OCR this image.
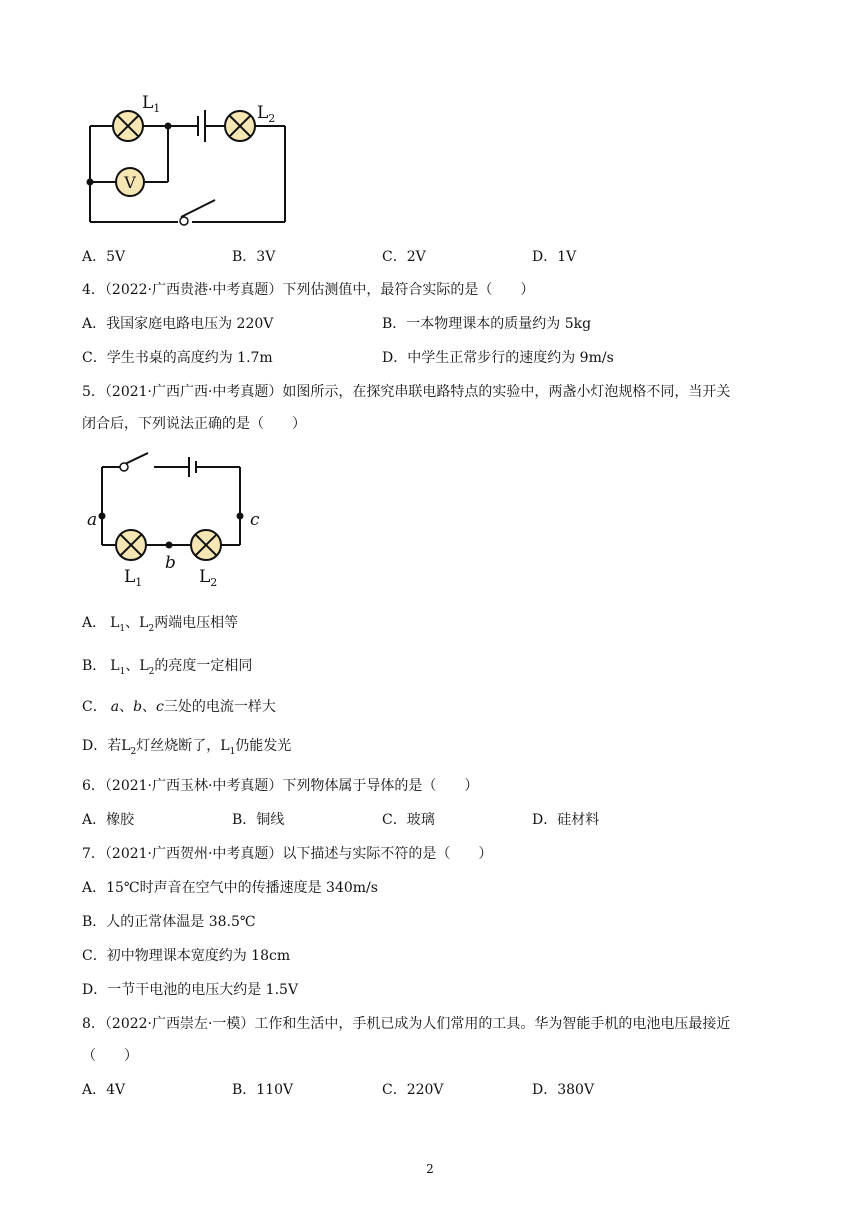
V
$L_1$	$L_2$
A．5V	B．3V	C．2V	D．1V
4．（2022·广西贵港·中考真题）下列估测值中，最符合实际的是（　　）
A．我国家庭电路电压为 220V	B．一本物理课本的质量约为 5kg
C．学生书桌的高度约为 1.7m	D．中学生正常步行的速度约为 9m/s
5．（2021·广西广西·中考真题）如图所示，在探究串联电路特点的实验中，两盏小灯泡规格不同，当开关
闭合后，下列说法正确的是（　　）
a	c
b
$L_1$	$L_2$
A． $L_1$、$L_2$两端电压相等
B． $L_1$、$L_2$的亮度一定相同
C． a、b、c三处的电流一样大
D．若$L_2$灯丝烧断了，$L_1$仍能发光
6．（2021·广西玉林·中考真题）下列物体属于导体的是（　　）
A．橡胶	B．铜线	C．玻璃	D．硅材料
7．（2021·广西贺州·中考真题）以下描述与实际不符的是（　　）
A．15℃时声音在空气中的传播速度是 340m/s
B．人的正常体温是 38.5℃
C．初中物理课本宽度约为 18cm
D．一节干电池的电压大约是 1.5V
8．（2022·广西崇左·一模）工作和生活中，手机已成为人们常用的工具。华为智能手机的电池电压最接近
（　　）
A．4V	B．110V	C．220V	D．380V
2
